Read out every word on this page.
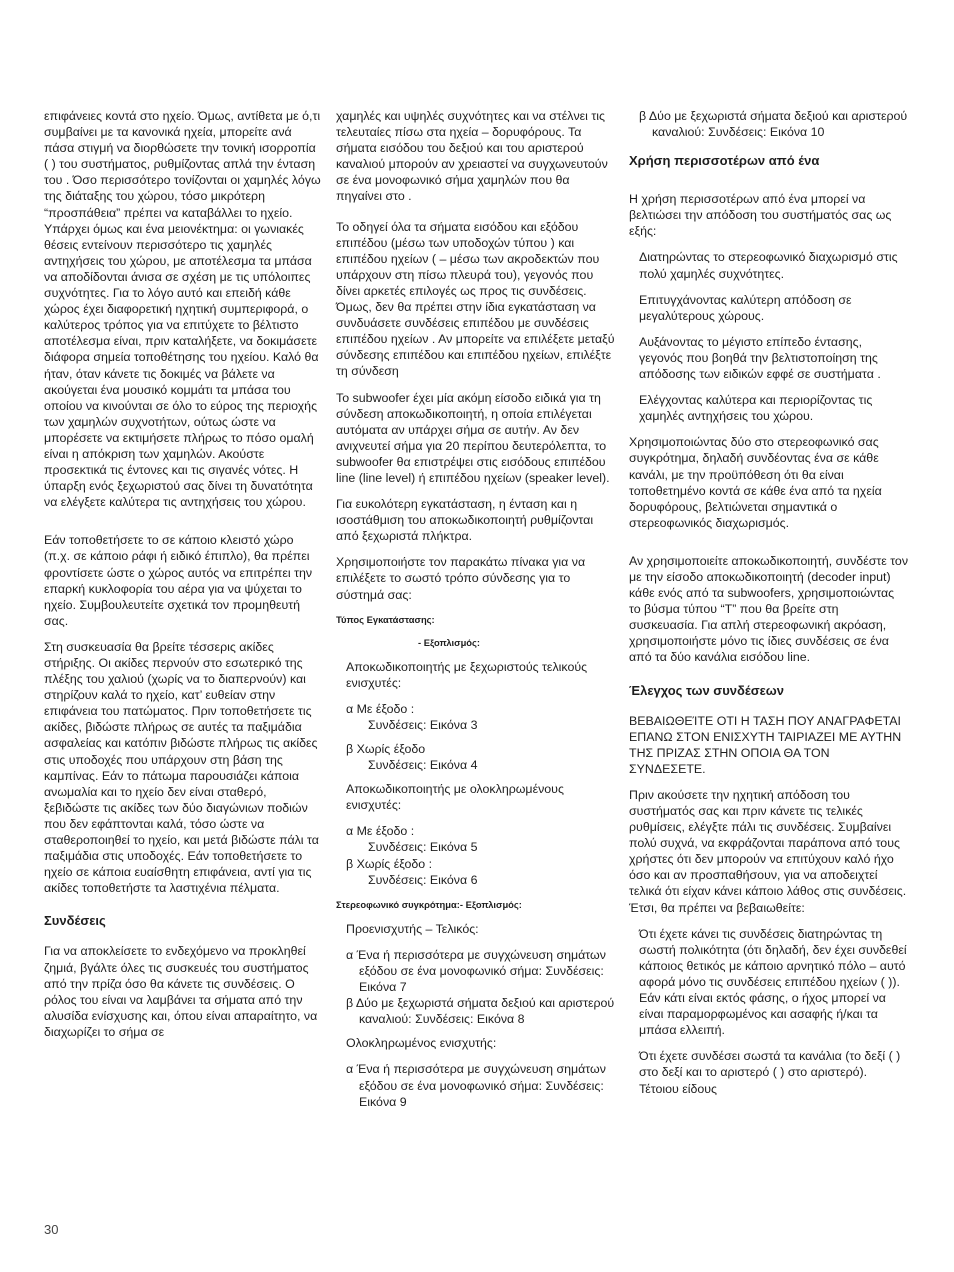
επιφάνειες κοντά στο ηχείο. Όμως, αντίθετα με ό,τι συμβαίνει με τα κανονικά ηχεία, μπορείτε ανά πάσα στιγμή να διορθώσετε την τονική ισορροπία ( ) του συστήματος, ρυθμίζοντας απλά την ένταση του . Όσο περισσότερο τονίζονται οι χαμηλές λόγω της διάταξης του χώρου, τόσο μικρότερη “προσπάθεια” πρέπει να καταβάλλει το ηχείο. Υπάρχει όμως και ένα μειονέκτημα: οι γωνιακές θέσεις εντείνουν περισσότερο τις χαμηλές αντηχήσεις του χώρου, με αποτέλεσμα τα μπάσα να αποδίδονται άνισα σε σχέση με τις υπόλοιπες συχνότητες. Για το λόγο αυτό και επειδή κάθε χώρος έχει διαφορετική ηχητική συμπεριφορά, ο καλύτερος τρόπος για να επιτύχετε το βέλτιστο αποτέλεσμα είναι, πριν καταλήξετε, να δοκιμάσετε διάφορα σημεία τοποθέτησης του ηχείου. Καλό θα ήταν, όταν κάνετε τις δοκιμές να βάλετε να ακούγεται ένα μουσικό κομμάτι τα μπάσα του οποίου να κινούνται σε όλο το εύρος της περιοχής των χαμηλών συχνοτήτων, ούτως ώστε να μπορέσετε να εκτιμήσετε πλήρως το πόσο ομαλή είναι η απόκριση των χαμηλών. Ακούστε προσεκτικά τις έντονες και τις σιγανές νότες. Η ύπαρξη ενός ξεχωριστού σας δίνει τη δυνατότητα να ελέγξετε καλύτερα τις αντηχήσεις του χώρου.

Εάν τοποθετήσετε το σε κάποιο κλειστό χώρο (π.χ. σε κάποιο ράφι ή ειδικό έπιπλο), θα πρέπει φροντίσετε ώστε ο χώρος αυτός να επιτρέπει την επαρκή κυκλοφορία του αέρα για να ψύχεται το ηχείο. Συμβουλευτείτε σχετικά τον προμηθευτή σας.

Στη συσκευασία θα βρείτε τέσσερις ακίδες στήριξης. Οι ακίδες περνούν στο εσωτερικό της πλέξης του χαλιού (χωρίς να το διαπερνούν) και στηρίζουν καλά το ηχείο, κατ’ ευθείαν στην επιφάνεια του πατώματος. Πριν τοποθετήσετε τις ακίδες, βιδώστε πλήρως σε αυτές τα παξιμάδια ασφαλείας και κατόπιν βιδώστε πλήρως τις ακίδες στις υποδοχές που υπάρχουν στη βάση της καμπίνας. Εάν το πάτωμα παρουσιάζει κάποια ανωμαλία και το ηχείο δεν είναι σταθερό, ξεβιδώστε τις ακίδες των δύο διαγώνιων ποδιών που δεν εφάπτονται καλά, τόσο ώστε να σταθεροποιηθεί το ηχείο, και μετά βιδώστε πάλι τα παξιμάδια στις υποδοχές. Εάν τοποθετήσετε το ηχείο σε κάποια ευαίσθητη επιφάνεια, αντί για τις ακίδες τοποθετήστε τα λαστιχένια πέλματα.

Συνδέσεις

Για να αποκλείσετε το ενδεχόμενο να προκληθεί ζημιά, βγάλτε όλες τις συσκευές του συστήματος από την πρίζα όσο θα κάνετε τις συνδέσεις. Ο ρόλος του είναι να λαμβάνει τα σήματα από την αλυσίδα ενίσχυσης και, όπου είναι απαραίτητο, να διαχωρίζει το σήμα σε

χαμηλές και υψηλές συχνότητες και να στέλνει τις τελευταίες πίσω στα ηχεία – δορυφόρους. Τα σήματα εισόδου του δεξιού και του αριστερού καναλιού μπορούν αν χρειαστεί να συγχωνευτούν σε ένα μονοφωνικό σήμα χαμηλών που θα πηγαίνει στο .

Το οδηγεί όλα τα σήματα εισόδου και εξόδου επιπέδου (μέσω των υποδοχών τύπου ) και επιπέδου ηχείων ( – μέσω των ακροδεκτών που υπάρχουν στη πίσω πλευρά του), γεγονός που δίνει αρκετές επιλογές ως προς τις συνδέσεις. Όμως, δεν θα πρέπει στην ίδια εγκατάσταση να συνδυάσετε συνδέσεις επιπέδου με συνδέσεις επιπέδου ηχείων . Αν μπορείτε να επιλέξετε μεταξύ σύνδεσης επιπέδου και επιπέδου ηχείων, επιλέξτε τη σύνδεση

Το subwoofer έχει μία ακόμη είσοδο ειδικά για τη σύνδεση αποκωδικοποιητή, η οποία επιλέγεται αυτόματα αν υπάρχει σήμα σε αυτήν. Αν δεν ανιχνευτεί σήμα για 20 περίπου δευτερόλεπτα, το subwoofer θα επιστρέψει στις εισόδους επιπέδου line (line level) ή επιπέδου ηχείων (speaker level).

Για ευκολότερη εγκατάσταση, η ένταση και η ισοστάθμιση του αποκωδικοποιητή ρυθμίζονται από ξεχωριστά πλήκτρα.

Χρησιμοποιήστε τον παρακάτω πίνακα για να επιλέξετε το σωστό τρόπο σύνδεσης για το σύστημά σας:

Τύπος Εγκατάστασης:

- Εξοπλισμός:

Αποκωδικοποιητής με ξεχωριστούς τελικούς ενισχυτές:

α Με έξοδο :
Συνδέσεις: Εικόνα 3
β Χωρίς έξοδο
Συνδέσεις: Εικόνα 4

Αποκωδικοποιητής με ολοκληρωμένους ενισχυτές:

α Με έξοδο :
Συνδέσεις: Εικόνα 5
β Χωρίς έξοδο :
Συνδέσεις: Εικόνα 6

Στερεοφωνικό συγκρότημα:- Εξοπλισμός:

Προενισχυτής – Τελικός:

α Ένα ή περισσότερα με συγχώνευση σημάτων εξόδου σε ένα μονοφωνικό σήμα: Συνδέσεις: Εικόνα 7
β Δύο με ξεχωριστά σήματα δεξιού και αριστερού καναλιού: Συνδέσεις: Εικόνα 8

Ολοκληρωμένος ενισχυτής:

α Ένα ή περισσότερα με συγχώνευση σημάτων εξόδου σε ένα μονοφωνικό σήμα: Συνδέσεις: Εικόνα 9

β Δύο με ξεχωριστά σήματα δεξιού και αριστερού καναλιού: Συνδέσεις: Εικόνα 10

Χρήση περισσοτέρων από ένα

Η χρήση περισσοτέρων από ένα μπορεί να βελτιώσει την απόδοση του συστήματός σας ως εξής:

Διατηρώντας το στερεοφωνικό διαχωρισμό στις πολύ χαμηλές συχνότητες.

Επιτυγχάνοντας καλύτερη απόδοση σε μεγαλύτερους χώρους.

Αυξάνοντας το μέγιστο επίπεδο έντασης, γεγονός που βοηθά την βελτιστοποίηση της απόδοσης των ειδικών εφφέ σε συστήματα .

Ελέγχοντας καλύτερα και περιορίζοντας τις χαμηλές αντηχήσεις του χώρου.

Χρησιμοποιώντας δύο στο στερεοφωνικό σας συγκρότημα, δηλαδή συνδέοντας ένα σε κάθε κανάλι, με την προϋπόθεση ότι θα είναι τοποθετημένο κοντά σε κάθε ένα από τα ηχεία δορυφόρους, βελτιώνεται σημαντικά ο στερεοφωνικός διαχωρισμός.

Αν χρησιμοποιείτε αποκωδικοποιητή, συνδέστε τον με την είσοδο αποκωδικοποιητή (decoder input) κάθε ενός από τα subwoofers, χρησιμοποιώντας το βύσμα τύπου “T” που θα βρείτε στη συσκευασία. Για απλή στερεοφωνική ακρόαση, χρησιμοποιήστε μόνο τις ίδιες συνδέσεις σε ένα από τα δύο κανάλια εισόδου line.

Έλεγχος των συνδέσεων

ΒΕΒΑΙΩΘΕΊΤΕ ΟΤΙ Η ΤΑΣΗ ΠΟΥ ΑΝΑΓΡΑΦΕΤΑΙ ΕΠΑΝΩ ΣΤΟΝ ΕΝΙΣΧΥΤΗ ΤΑΙΡΙΑΖΕΙ ΜΕ ΑΥΤΗΝ ΤΗΣ ΠΡΙΖΑΣ ΣΤΗΝ ΟΠΟΙΑ ΘΑ ΤΟΝ ΣΥΝΔΕΣΕΤΕ.

Πριν ακούσετε την ηχητική απόδοση του συστήματός σας και πριν κάνετε τις τελικές ρυθμίσεις, ελέγξτε πάλι τις συνδέσεις. Συμβαίνει πολύ συχνά, να εκφράζονται παράπονα από τους χρήστες ότι δεν μπορούν να επιτύχουν καλό ήχο όσο και αν προσπαθήσουν, για να αποδειχτεί τελικά ότι είχαν κάνει κάποιο λάθος στις συνδέσεις. Έτσι, θα πρέπει να βεβαιωθείτε:

Ότι έχετε κάνει τις συνδέσεις διατηρώντας τη σωστή πολικότητα (ότι δηλαδή, δεν έχει συνδεθεί κάποιος θετικός με κάποιο αρνητικό πόλο – αυτό αφορά μόνο τις συνδέσεις επιπέδου ηχείων ( )). Εάν κάτι είναι εκτός φάσης, ο ήχος μπορεί να είναι παραμορφωμένος και ασαφής ή/και τα μπάσα ελλειπή.

Ότι έχετε συνδέσει σωστά τα κανάλια (το δεξί ( ) στο δεξί και το αριστερό ( ) στο αριστερό). Τέτοιου είδους

30
